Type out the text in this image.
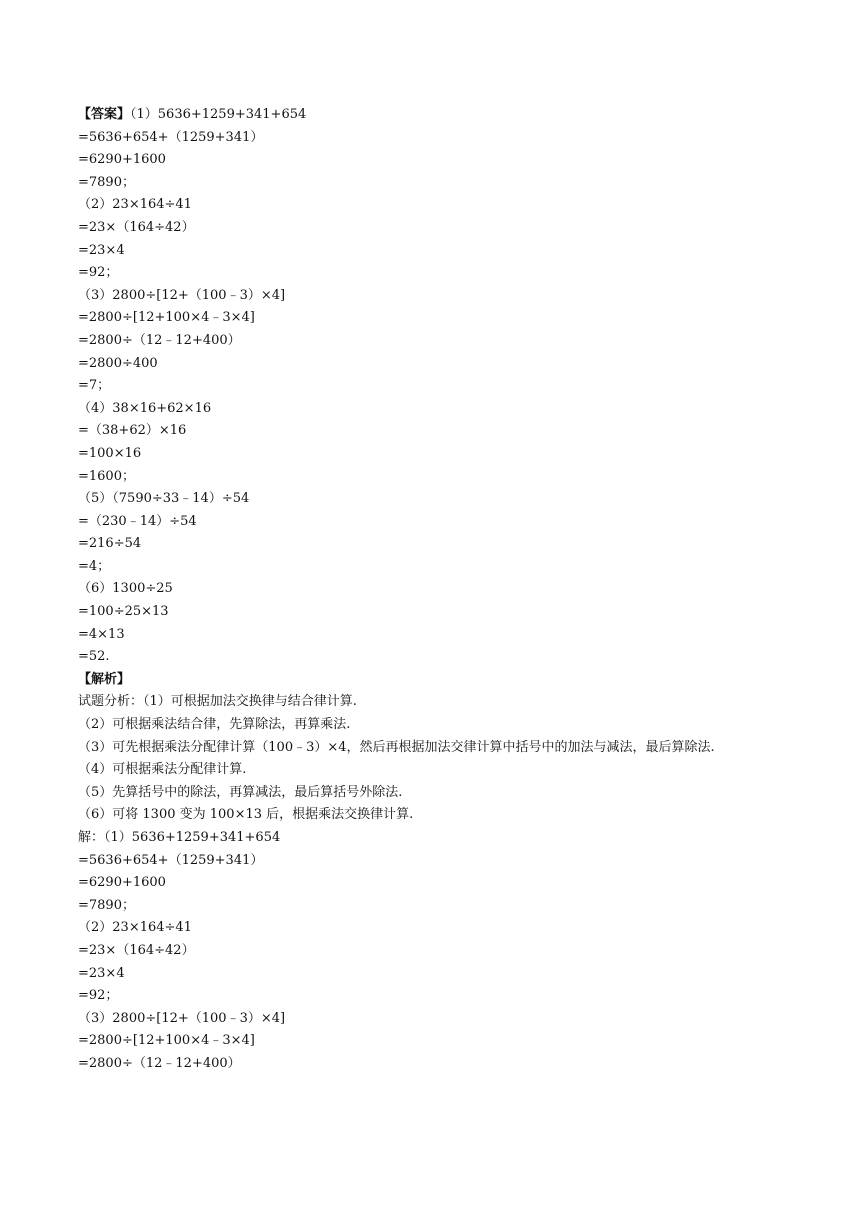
【答案】（1）5636+1259+341+654

=5636+654+（1259+341）

=6290+1600

=7890；

（2）23×164÷41

=23×（164÷42）

=23×4

=92；

（3）2800÷[12+（100﹣3）×4]

=2800÷[12+100×4﹣3×4]

=2800÷（12﹣12+400）

=2800÷400

=7；

（4）38×16+62×16

=（38+62）×16

=100×16

=1600；

（5）（7590÷33﹣14）÷54

=（230﹣14）÷54

=216÷54

=4；

（6）1300÷25

=100÷25×13

=4×13

=52.

【解析】

试题分析：（1）可根据加法交换律与结合律计算.

（2）可根据乘法结合律，先算除法，再算乘法.

（3）可先根据乘法分配律计算（100﹣3）×4，然后再根据加法交律计算中括号中的加法与减法，最后算除法.

（4）可根据乘法分配律计算.

（5）先算括号中的除法，再算减法，最后算括号外除法.

（6）可将 1300 变为 100×13 后，根据乘法交换律计算.

解：（1）5636+1259+341+654

=5636+654+（1259+341）

=6290+1600

=7890；

（2）23×164÷41

=23×（164÷42）

=23×4

=92；

（3）2800÷[12+（100﹣3）×4]

=2800÷[12+100×4﹣3×4]

=2800÷（12﹣12+400）
